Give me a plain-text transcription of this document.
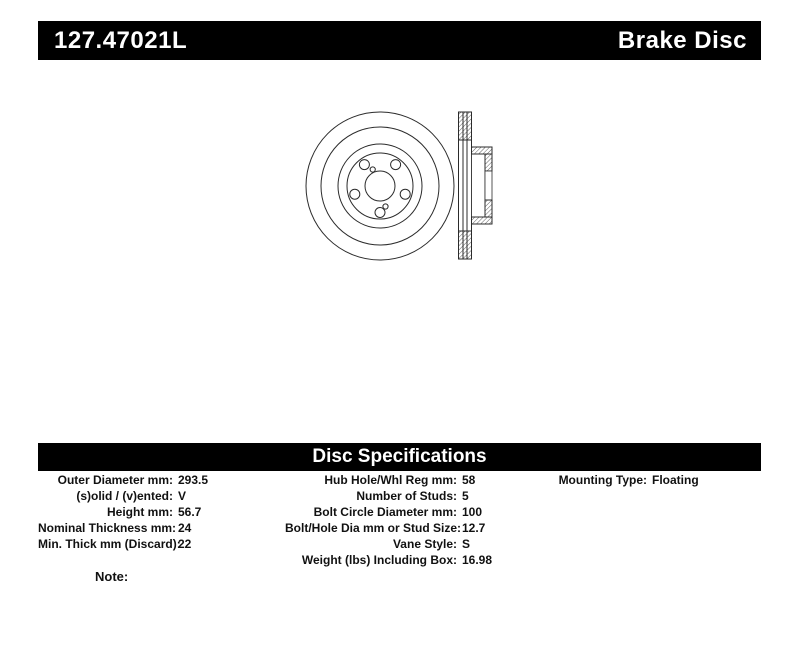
127.47021L	Brake Disc
Disc Specifications
Outer Diameter mm: 293.5
(s)olid / (v)ented: V
Height mm: 56.7
Nominal Thickness mm: 24
Min. Thick mm (Discard):
22
Hub Hole/Whl Reg mm: 58
Number of Studs: 5
Bolt Circle Diameter mm: 100
Bolt/Hole Dia mm or Stud Size: 12.7
Vane Style: S
Weight (lbs) Including Box: 16.98
Mounting Type: Floating
Note:
